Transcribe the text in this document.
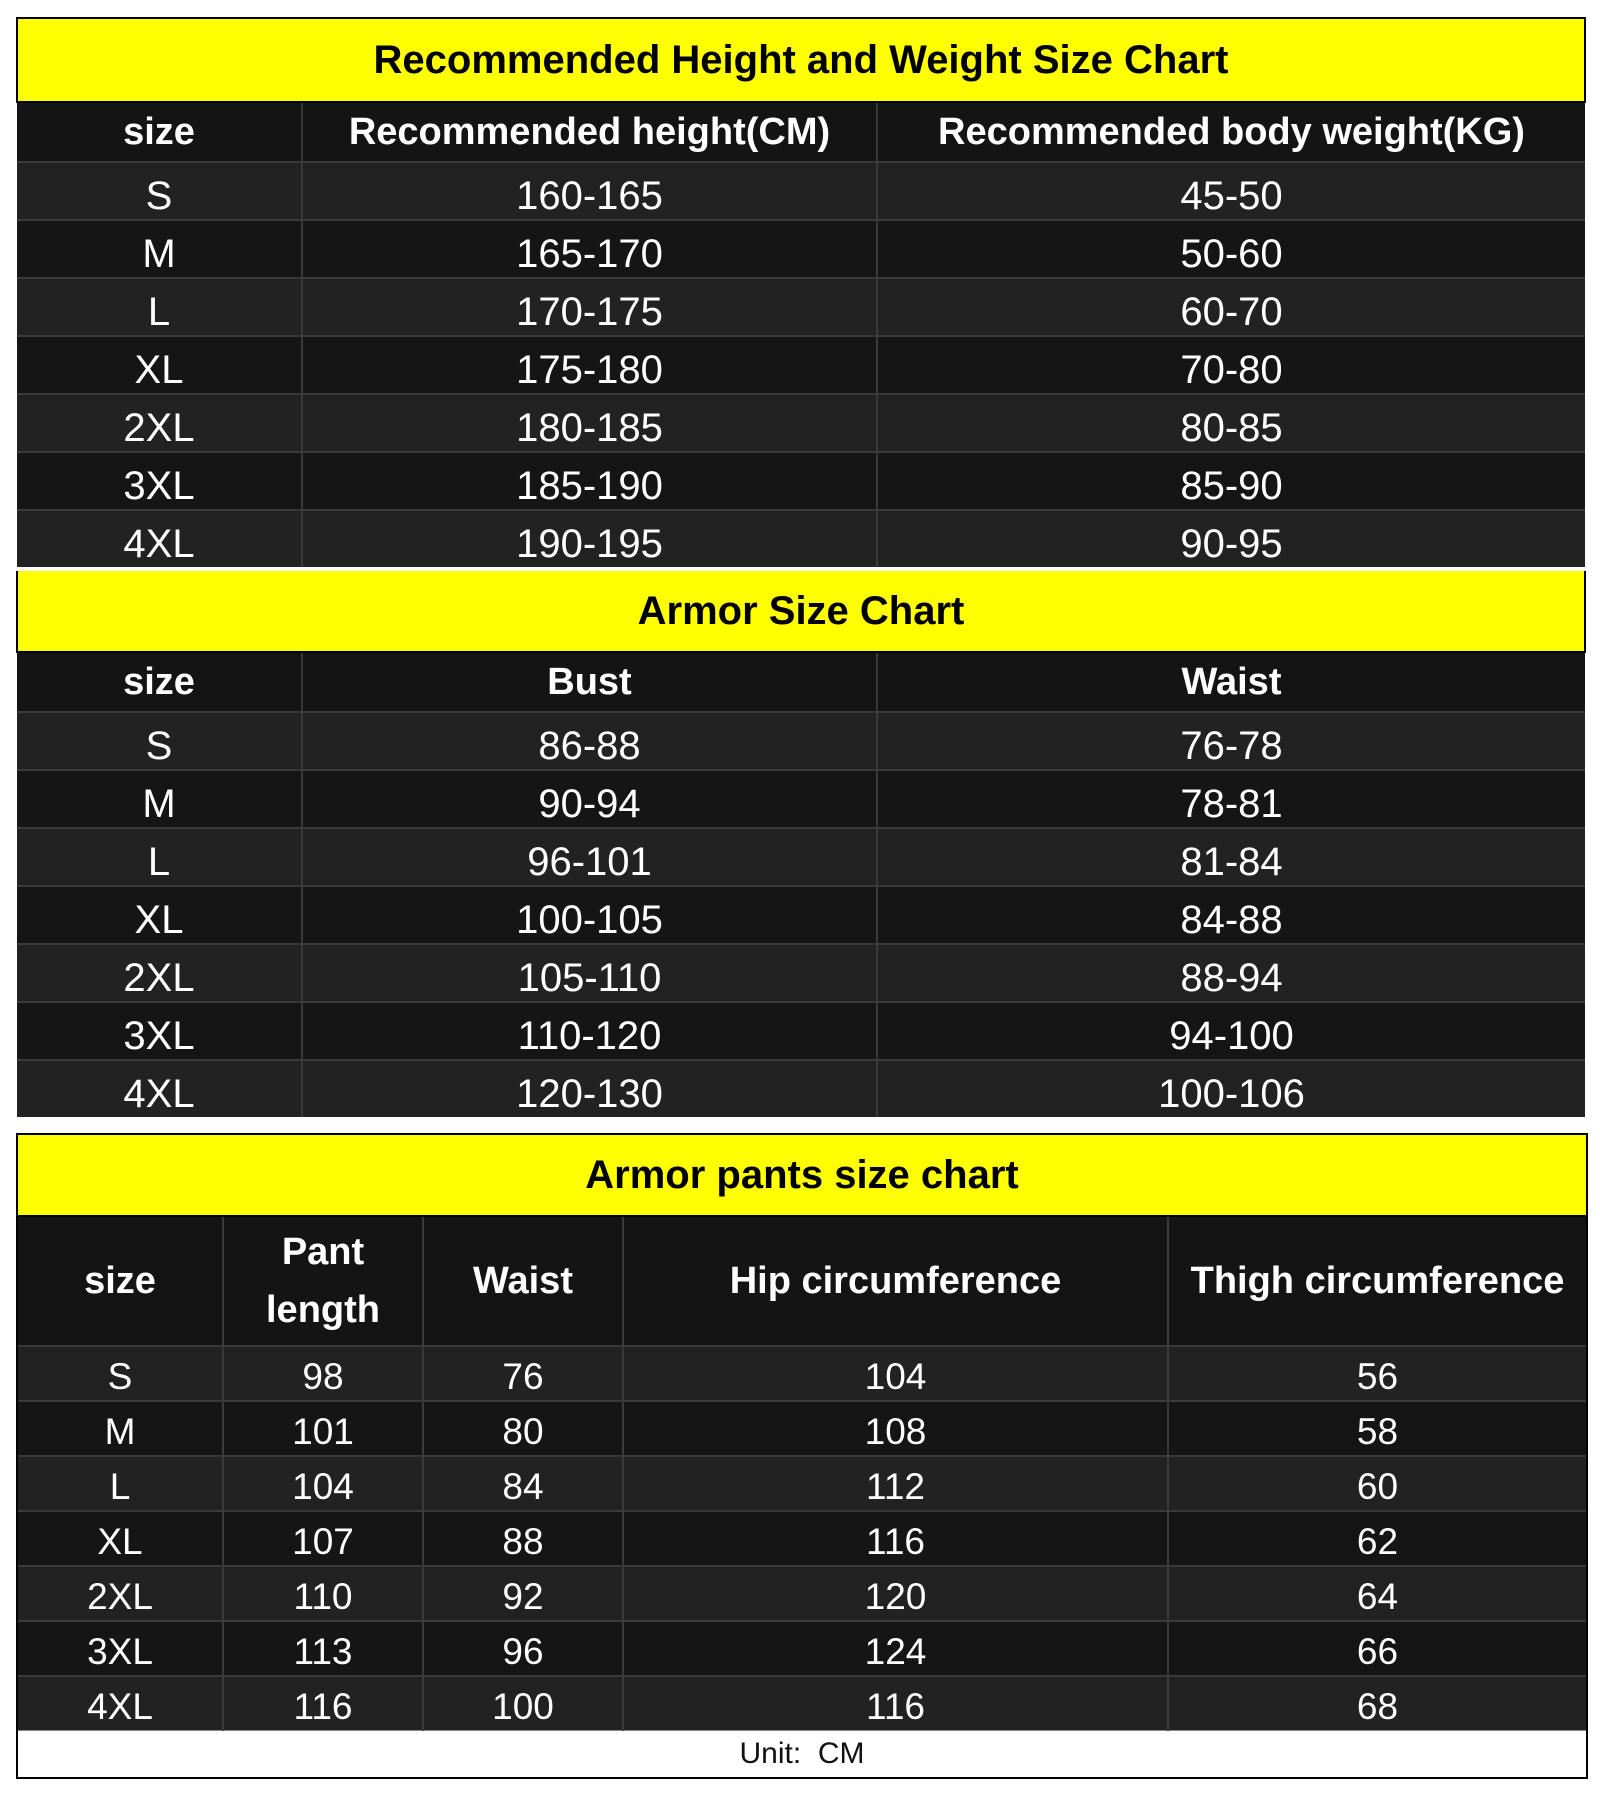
Recommended Height and Weight Size Chart		
size	Recommended height(CM)	Recommended body weight(KG)
S	160-165	45-50
M	165-170	50-60
L	170-175	60-70
XL	175-180	70-80
2XL	180-185	80-85
3XL	185-190	85-90
4XL	190-195	90-95
Armor Size Chart		
size	Bust	Waist
S	86-88	76-78
M	90-94	78-81
L	96-101	81-84
XL	100-105	84-88
2XL	105-110	88-94
3XL	110-120	94-100
4XL	120-130	100-106
Armor pants size chart				
size	Pant length	Waist	Hip circumference	Thigh circumference
S	98	76	104	56
M	101	80	108	58
L	104	84	112	60
XL	107	88	116	62
2XL	110	92	120	64
3XL	113	96	124	66
4XL	116	100	116	68
Unit:  CM				
